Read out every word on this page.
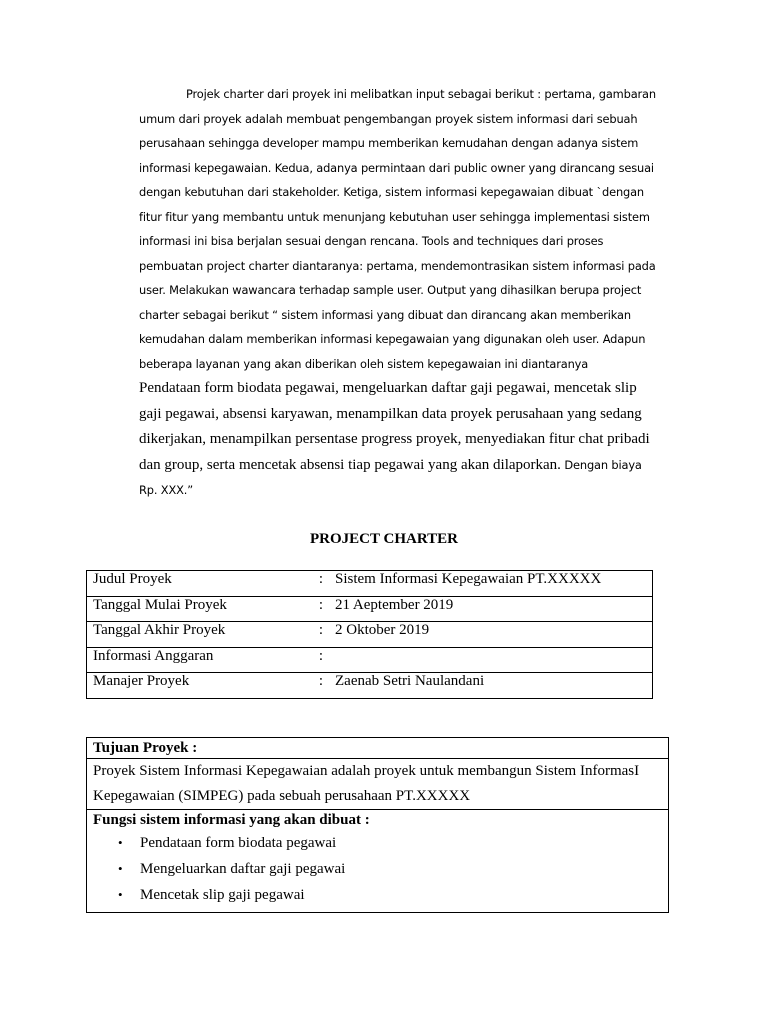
Projek charter dari proyek ini melibatkan input sebagai berikut : pertama, gambaran
umum dari proyek adalah membuat pengembangan proyek sistem informasi dari sebuah
perusahaan sehingga developer mampu memberikan kemudahan dengan adanya sistem
informasi kepegawaian. Kedua, adanya permintaan dari public owner yang dirancang sesuai
dengan kebutuhan dari stakeholder. Ketiga, sistem informasi kepegawaian dibuat `dengan
fitur fitur yang membantu untuk menunjang kebutuhan user sehingga implementasi sistem
informasi ini bisa berjalan sesuai dengan rencana. Tools and techniques dari proses
pembuatan project charter diantaranya: pertama, mendemontrasikan sistem informasi pada
user. Melakukan wawancara terhadap sample user. Output yang dihasilkan berupa project
charter sebagai berikut “ sistem informasi yang dibuat dan dirancang akan memberikan
kemudahan dalam memberikan informasi kepegawaian yang digunakan oleh user. Adapun
beberapa layanan yang akan diberikan oleh sistem kepegawaian ini diantaranya
Pendataan form biodata pegawai, mengeluarkan daftar gaji pegawai, mencetak slip
gaji pegawai, absensi karyawan, menampilkan data proyek perusahaan yang sedang
dikerjakan, menampilkan persentase progress proyek, menyediakan fitur chat pribadi
dan group, serta mencetak absensi tiap pegawai yang akan dilaporkan. Dengan biaya
Rp. XXX.”
PROJECT CHARTER
Judul Proyek	:	Sistem Informasi Kepegawaian PT.XXXXX
Tanggal Mulai Proyek	:	21 Aeptember 2019
Tanggal Akhir Proyek	:	2 Oktober 2019
Informasi Anggaran	:	
Manajer Proyek	:	Zaenab Setri Naulandani
Tujuan Proyek :
Proyek Sistem Informasi Kepegawaian adalah proyek untuk membangun Sistem InformasI
Kepegawaian (SIMPEG) pada sebuah perusahaan PT.XXXXX
Fungsi sistem informasi yang akan dibuat :
• Pendataan form biodata pegawai
• Mengeluarkan daftar gaji pegawai
• Mencetak slip gaji pegawai
